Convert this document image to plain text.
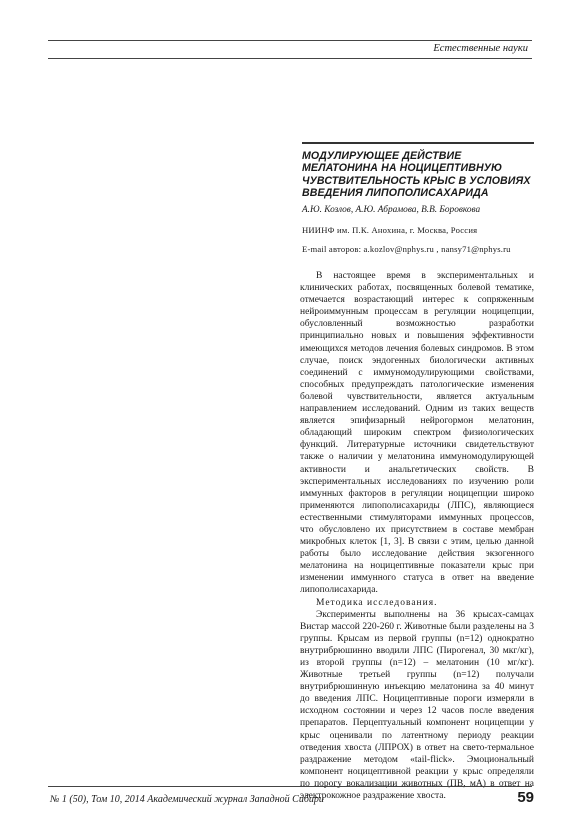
Естественные науки
МОДУЛИРУЮЩЕЕ ДЕЙСТВИЕ МЕЛАТОНИНА НА НОЦИЦЕПТИВНУЮ ЧУВСТВИТЕЛЬНОСТЬ КРЫС В УСЛОВИЯХ ВВЕДЕНИЯ ЛИПОПОЛИСАХАРИДА
А.Ю. Козлов, А.Ю. Абрамова, В.В. Боровкова
НИИНФ им. П.К. Анохина, г. Москва, Россия
E-mail авторов: a.kozlov@nphys.ru , nansy71@nphys.ru

В настоящее время в экспериментальных и клинических работах, посвященных болевой тематике, отмечается возрастающий интерес к сопряженным нейроиммунным процессам в регуляции ноцицепции, обусловленный возможностью разработки принципиально новых и повышения эффективности имеющихся методов лечения болевых синдромов. В этом случае, поиск эндогенных биологически активных соединений с иммуномодулирующими свойствами, способных предупреждать патологические изменения болевой чувствительности, является актуальным направлением исследований. Одним из таких веществ является эпифизарный нейрогормон мелатонин, обладающий широким спектром физиологических функций. Литературные источники свидетельствуют также о наличии у мелатонина иммуномодулирующей активности и анальгетических свойств. В экспериментальных исследованиях по изучению роли иммунных факторов в регуляции ноцицепции широко применяются липополисахариды (ЛПС), являющиеся естественными стимуляторами иммунных процессов, что обусловлено их присутствием в составе мембран микробных клеток [1, 3]. В связи с этим, целью данной работы было исследование действия экзогенного мелатонина на ноцицептивные показатели крыс при изменении иммунного статуса в ответ на введение липополисахарида.

Методика исследования.

Эксперименты выполнены на 36 крысах-самцах Вистар массой 220-260 г. Животные были разделены на 3 группы. Крысам из первой группы (n=12) однократно внутрибрюшинно вводили ЛПС (Пирогенал, 30 мкг/кг), из второй группы (n=12) – мелатонин (10 мг/кг). Животные третьей группы (n=12) получали внутрибрюшинную инъекцию мелатонина за 40 минут до введения ЛПС. Ноцицептивные пороги измеряли в исходном состоянии и через 12 часов после введения препаратов. Перцептуальный компонент ноцицепции у крыс оценивали по латентному периоду реакции отведения хвоста (ЛПРОХ) в ответ на свето-термальное раздражение методом «tail-flick». Эмоциональный компонент ноцицептивной реакции у крыс определяли по порогу вокализации животных (ПВ, мА) в ответ на электрокожное раздражение хвоста.

№ 1 (50), Том 10, 2014 Академический журнал Западной Сибири	59
